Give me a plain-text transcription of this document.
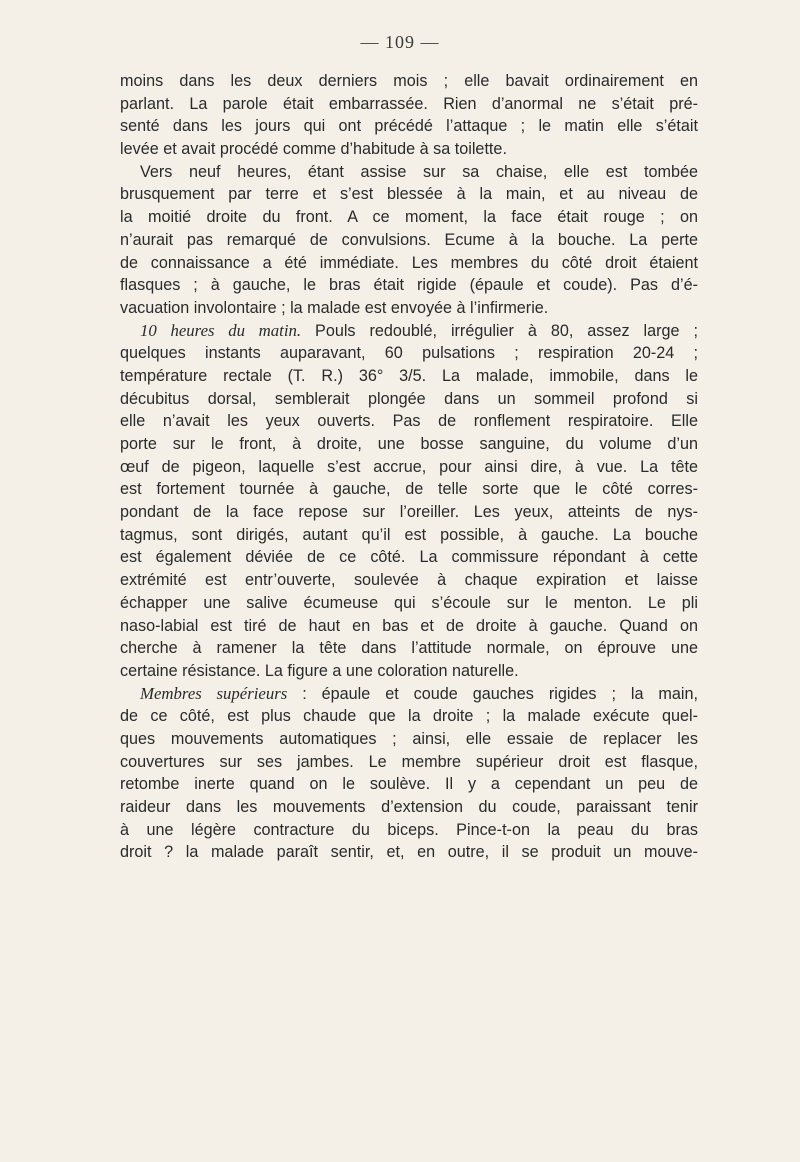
— 109 —
moins dans les deux derniers mois ; elle bavait ordinairement en
parlant. La parole était embarrassée. Rien d’anormal ne s’était pré-
senté dans les jours qui ont précédé l’attaque ; le matin elle s’était
levée et avait procédé comme d’habitude à sa toilette.
Vers neuf heures, étant assise sur sa chaise, elle est tombée
brusquement par terre et s’est blessée à la main, et au niveau de
la moitié droite du front. A ce moment, la face était rouge ; on
n’aurait pas remarqué de convulsions. Ecume à la bouche. La perte
de connaissance a été immédiate. Les membres du côté droit étaient
flasques ; à gauche, le bras était rigide (épaule et coude). Pas d’é-
vacuation involontaire ; la malade est envoyée à l’infirmerie.
10 heures du matin. Pouls redoublé, irrégulier à 80, assez large ;
quelques instants auparavant, 60 pulsations ; respiration 20-24 ;
température rectale (T. R.) 36° 3/5. La malade, immobile, dans le
décubitus dorsal, semblerait plongée dans un sommeil profond si
elle n’avait les yeux ouverts. Pas de ronflement respiratoire. Elle
porte sur le front, à droite, une bosse sanguine, du volume d’un
œuf de pigeon, laquelle s’est accrue, pour ainsi dire, à vue. La tête
est fortement tournée à gauche, de telle sorte que le côté corres-
pondant de la face repose sur l’oreiller. Les yeux, atteints de nys-
tagmus, sont dirigés, autant qu’il est possible, à gauche. La bouche
est également déviée de ce côté. La commissure répondant à cette
extrémité est entr’ouverte, soulevée à chaque expiration et laisse
échapper une salive écumeuse qui s’écoule sur le menton. Le pli
naso-labial est tiré de haut en bas et de droite à gauche. Quand on
cherche à ramener la tête dans l’attitude normale, on éprouve une
certaine résistance. La figure a une coloration naturelle.
Membres supérieurs : épaule et coude gauches rigides ; la main,
de ce côté, est plus chaude que la droite ; la malade exécute quel-
ques mouvements automatiques ; ainsi, elle essaie de replacer les
couvertures sur ses jambes. Le membre supérieur droit est flasque,
retombe inerte quand on le soulève. Il y a cependant un peu de
raideur dans les mouvements d’extension du coude, paraissant tenir
à une légère contracture du biceps. Pince-t-on la peau du bras
droit ? la malade paraît sentir, et, en outre, il se produit un mouve-
